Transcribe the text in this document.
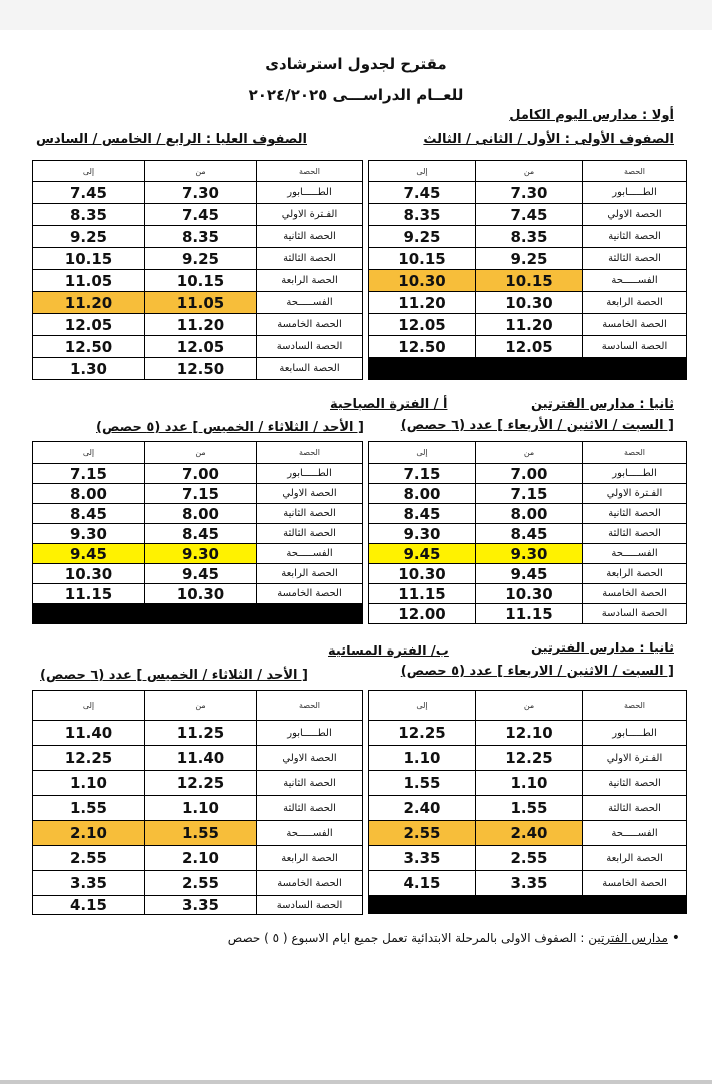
مقترح لجدول استرشادى
للعــام الدراســـى ٢٠٢٤/٢٠٢٥
أولا : مدارس اليوم الكامل
الصفوف الأولى : الأول / الثانى / الثالث
الصفوف العليا : الرابع / الخامس / السادس
إلى	من	الحصة
7.45	7.30	الطـــــابور
8.35	7.45	الحصة الاولي
9.25	8.35	الحصة الثانية
10.15	9.25	الحصة الثالثة
10.30	10.15	الفســـــحة
11.20	10.30	الحصة الرابعة
12.05	11.20	الحصة الخامسة
12.50	12.05	الحصة السادسة

إلى	من	الحصة
7.45	7.30	الطـــــابور
8.35	7.45	الفـترة الاولي
9.25	8.35	الحصة الثانية
10.15	9.25	الحصة الثالثة
11.05	10.15	الحصة الرابعة
11.20	11.05	الفســـــحة
12.05	11.20	الحصة الخامسة
12.50	12.05	الحصة السادسة
1.30	12.50	الحصة السابعة
ثانيا : مدارس الفترتين
أ / الفترة الصباحية
[ السبت / الاثنين / الأربعاء ] عدد (٦ حصص)
[ الأحد / الثلاثاء / الخميس ] عدد (٥ حصص)
إلى	من	الحصة
7.15	7.00	الطـــــابور
8.00	7.15	الفـترة الاولي
8.45	8.00	الحصة الثانية
9.30	8.45	الحصة الثالثة
9.45	9.30	الفســـــحة
10.30	9.45	الحصة الرابعة
11.15	10.30	الحصة الخامسة
12.00	11.15	الحصة السادسة
إلى	من	الحصة
7.15	7.00	الطـــــابور
8.00	7.15	الحصة الاولي
8.45	8.00	الحصة الثانية
9.30	8.45	الحصة الثالثة
9.45	9.30	الفســـــحة
10.30	9.45	الحصة الرابعة
11.15	10.30	الحصة الخامسة

ثانيا : مدارس الفترتين
ب/ الفترة المسائية
[ السبت / الاثنين / الاربعاء ] عدد (٥ حصص)
[ الأحد / الثلاثاء / الخميس ] عدد (٦ حصص)
إلى	من	الحصة
12.25	12.10	الطـــــابور
1.10	12.25	الفـترة الاولي
1.55	1.10	الحصة الثانية
2.40	1.55	الحصة الثالثة
2.55	2.40	الفســـــحة
3.35	2.55	الحصة الرابعة
4.15	3.35	الحصة الخامسة

إلى	من	الحصة
11.40	11.25	الطـــــابور
12.25	11.40	الحصة الاولي
1.10	12.25	الحصة الثانية
1.55	1.10	الحصة الثالثة
2.10	1.55	الفســـــحة
2.55	2.10	الحصة الرابعة
3.35	2.55	الحصة الخامسة
4.15	3.35	الحصة السادسة
• مدارس الفترتين : الصفوف الاولى بالمرحلة الابتدائية تعمل جميع ايام الاسبوع ( ٥ ) حصص
